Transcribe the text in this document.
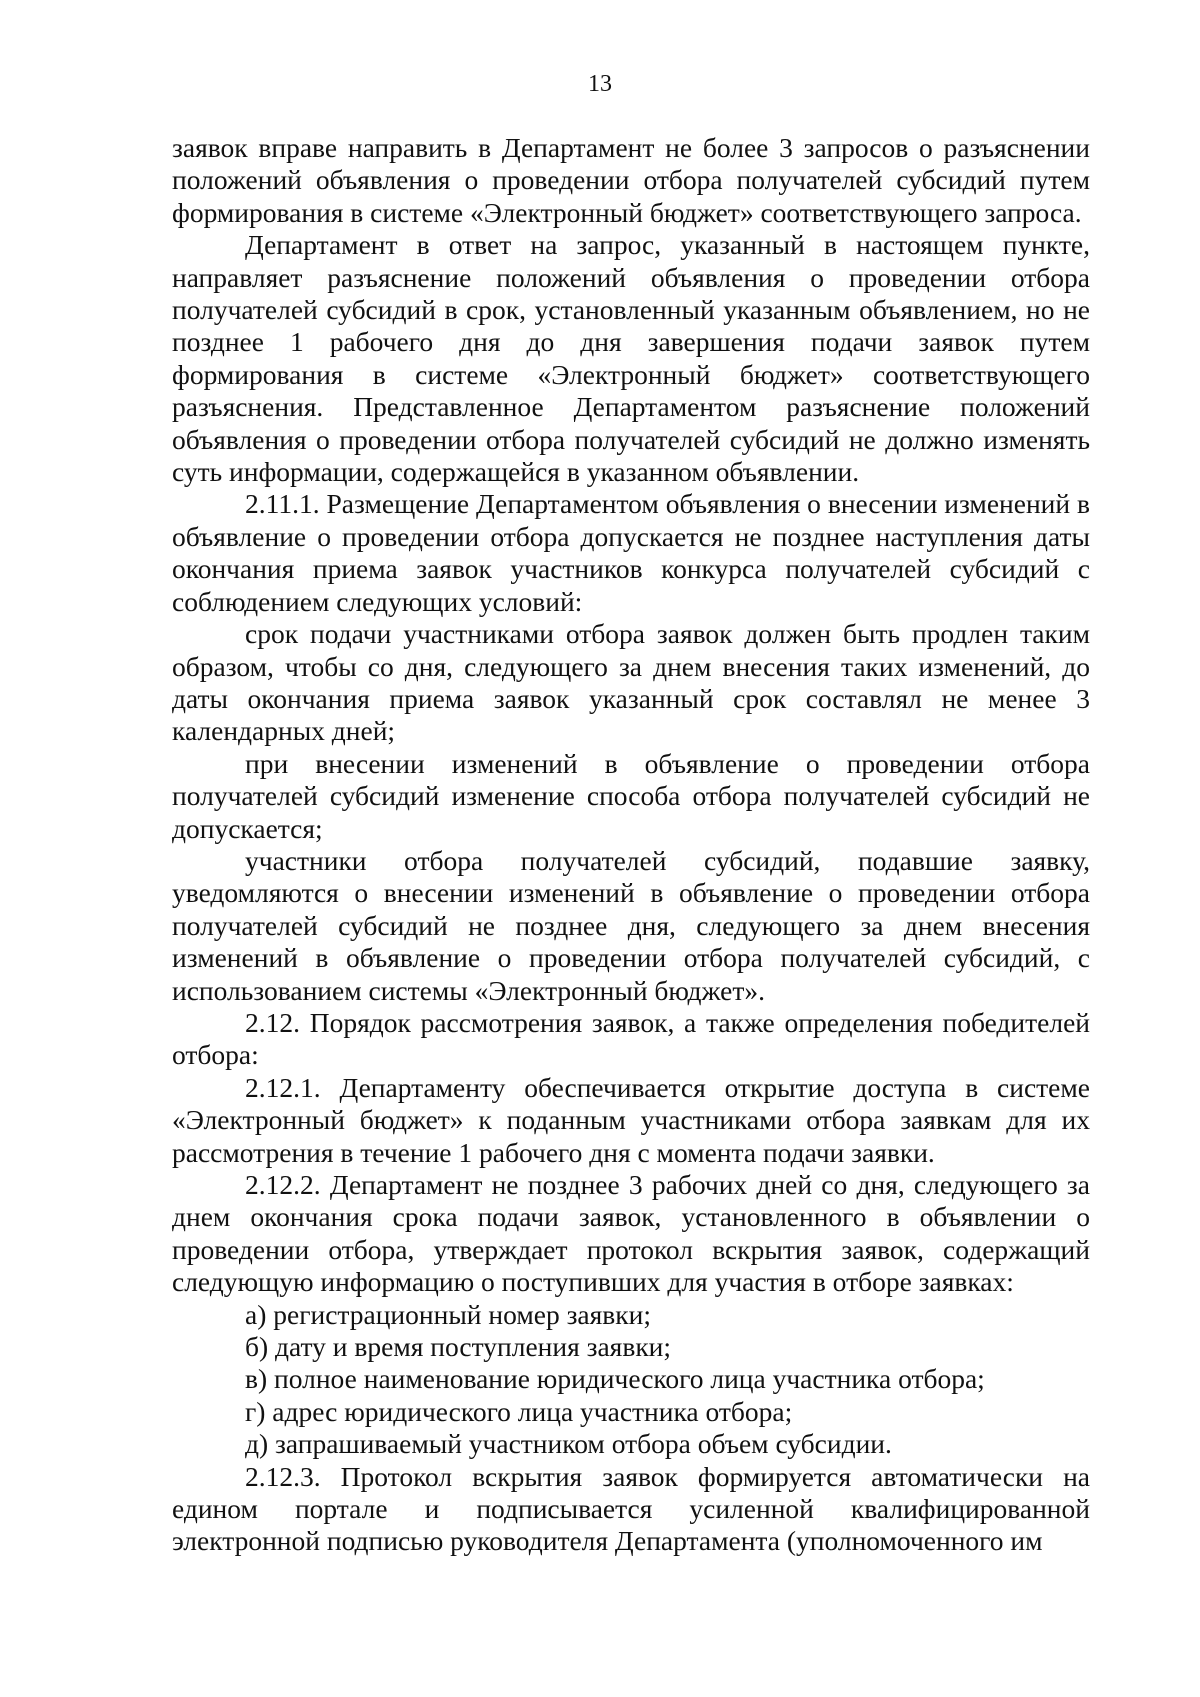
13

заявок вправе направить в Департамент не более 3 запросов о разъяснении положений объявления о проведении отбора получателей субсидий путем формирования в системе «Электронный бюджет» соответствующего запроса.

Департамент в ответ на запрос, указанный в настоящем пункте, направляет разъяснение положений объявления о проведении отбора получателей субсидий в срок, установленный указанным объявлением, но не позднее 1 рабочего дня до дня завершения подачи заявок путем формирования в системе «Электронный бюджет» соответствующего разъяснения. Представленное Департаментом разъяснение положений объявления о проведении отбора получателей субсидий не должно изменять суть информации, содержащейся в указанном объявлении.

2.11.1. Размещение Департаментом объявления о внесении изменений в объявление о проведении отбора допускается не позднее наступления даты окончания приема заявок участников конкурса получателей субсидий с соблюдением следующих условий:

срок подачи участниками отбора заявок должен быть продлен таким образом, чтобы со дня, следующего за днем внесения таких изменений, до даты окончания приема заявок указанный срок составлял не менее 3 календарных дней;

при внесении изменений в объявление о проведении отбора получателей субсидий изменение способа отбора получателей субсидий не допускается;

участники отбора получателей субсидий, подавшие заявку, уведомляются о внесении изменений в объявление о проведении отбора получателей субсидий не позднее дня, следующего за днем внесения изменений в объявление о проведении отбора получателей субсидий, с использованием системы «Электронный бюджет».

2.12. Порядок рассмотрения заявок, а также определения победителей отбора:

2.12.1. Департаменту обеспечивается открытие доступа в системе «Электронный бюджет» к поданным участниками отбора заявкам для их рассмотрения в течение 1 рабочего дня с момента подачи заявки.

2.12.2. Департамент не позднее 3 рабочих дней со дня, следующего за днем окончания срока подачи заявок, установленного в объявлении о проведении отбора, утверждает протокол вскрытия заявок, содержащий следующую информацию о поступивших для участия в отборе заявках:

а) регистрационный номер заявки;

б) дату и время поступления заявки;

в) полное наименование юридического лица участника отбора;

г) адрес юридического лица участника отбора;

д) запрашиваемый участником отбора объем субсидии.

2.12.3. Протокол вскрытия заявок формируется автоматически на едином портале и подписывается усиленной квалифицированной электронной подписью руководителя Департамента (уполномоченного им
